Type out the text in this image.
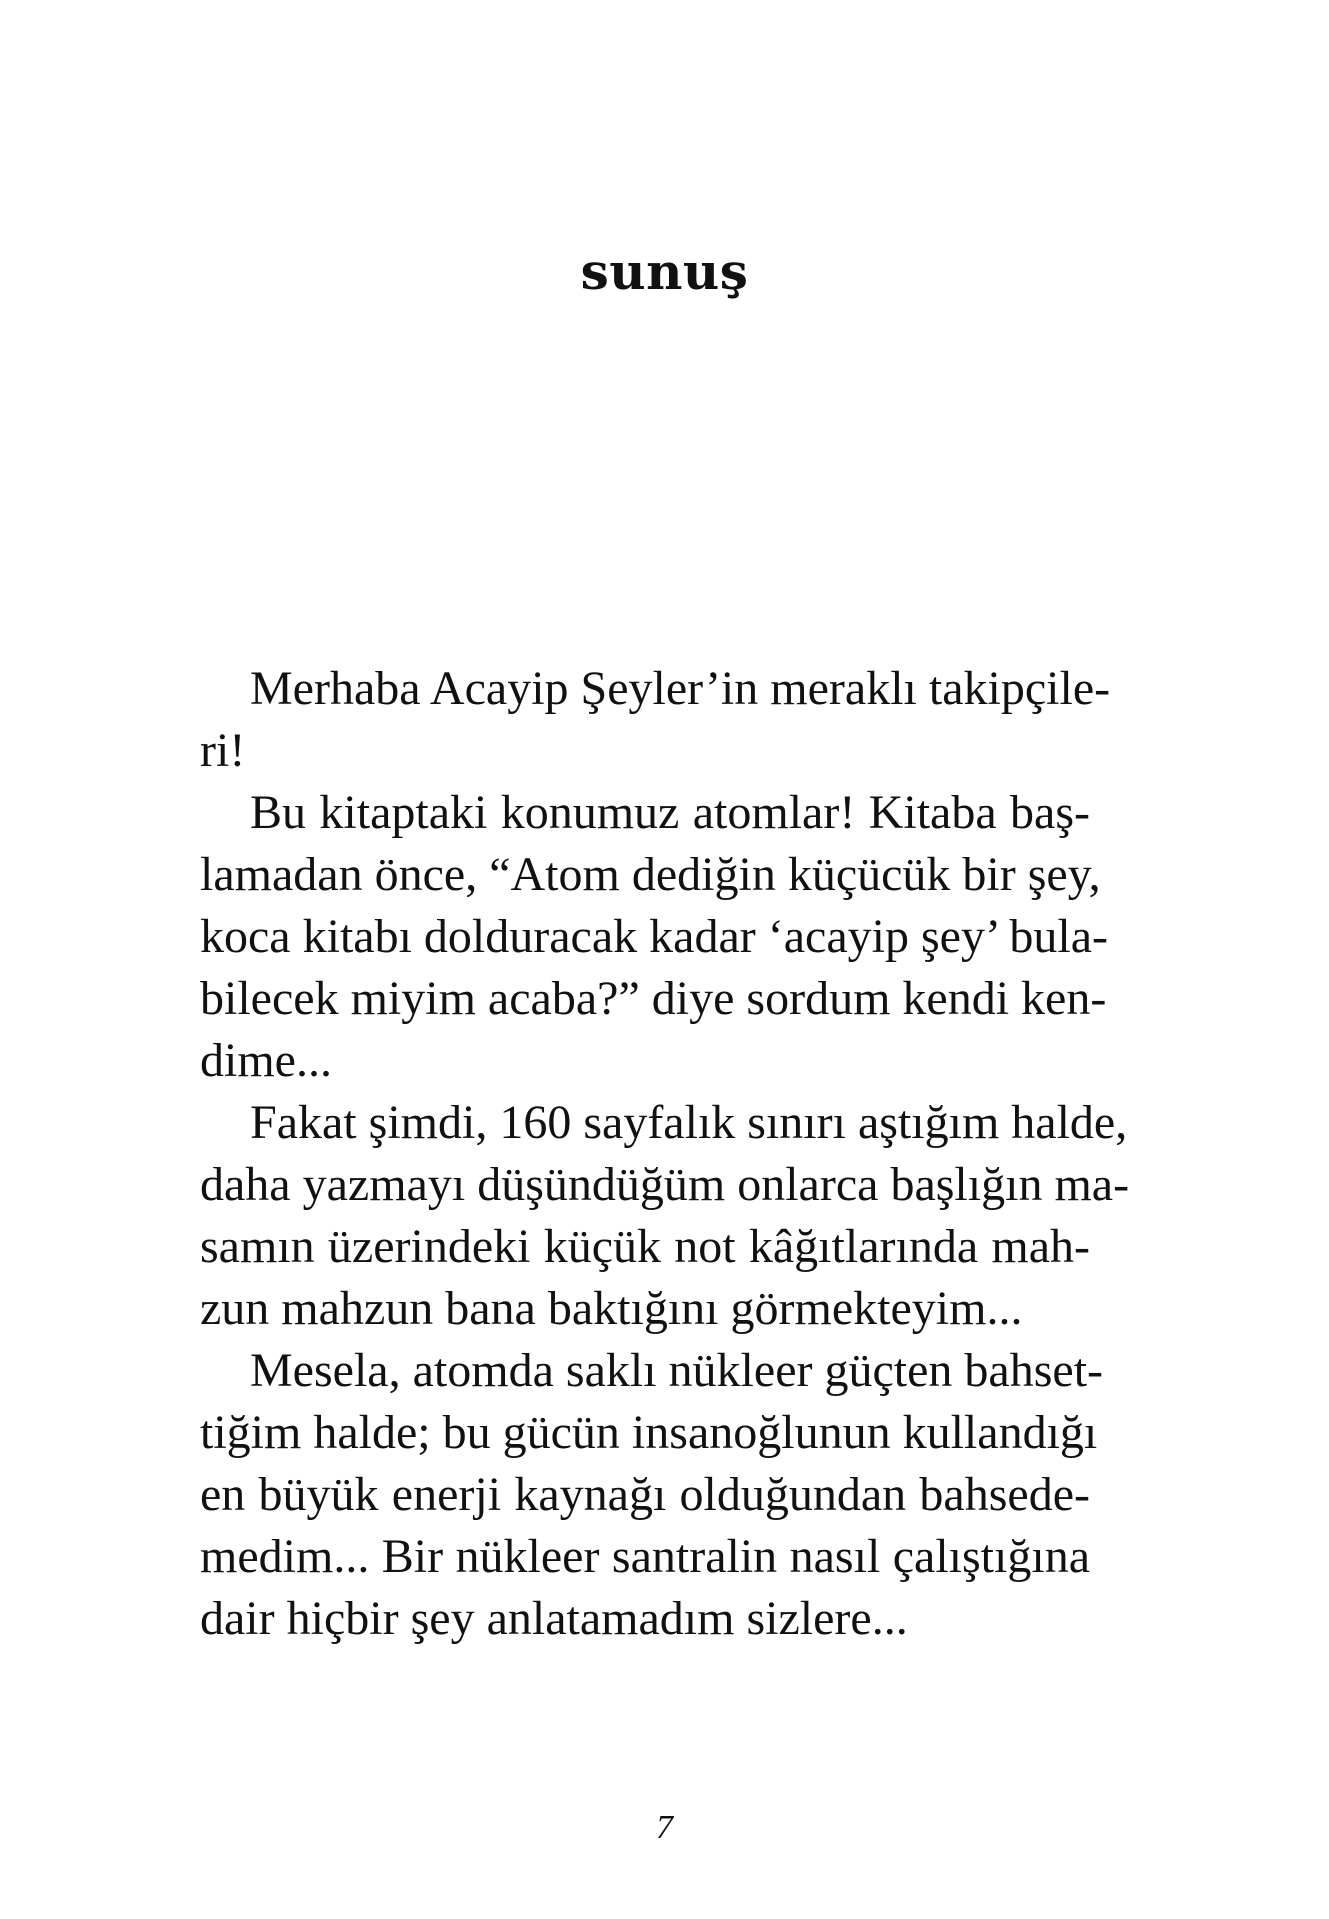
sunuş
Merhaba Acayip Şeyler’in meraklı takipçile-
ri!
Bu kitaptaki konumuz atomlar! Kitaba baş-
lamadan önce, “Atom dediğin küçücük bir şey,
koca kitabı dolduracak kadar ‘acayip şey’ bula-
bilecek miyim acaba?” diye sordum kendi ken-
dime...
Fakat şimdi, 160 sayfalık sınırı aştığım halde,
daha yazmayı düşündüğüm onlarca başlığın ma-
samın üzerindeki küçük not kâğıtlarında mah-
zun mahzun bana baktığını görmekteyim...
Mesela, atomda saklı nükleer güçten bahset-
tiğim halde; bu gücün insanoğlunun kullandığı
en büyük enerji kaynağı olduğundan bahsede-
medim... Bir nükleer santralin nasıl çalıştığına
dair hiçbir şey anlatamadım sizlere...
7
